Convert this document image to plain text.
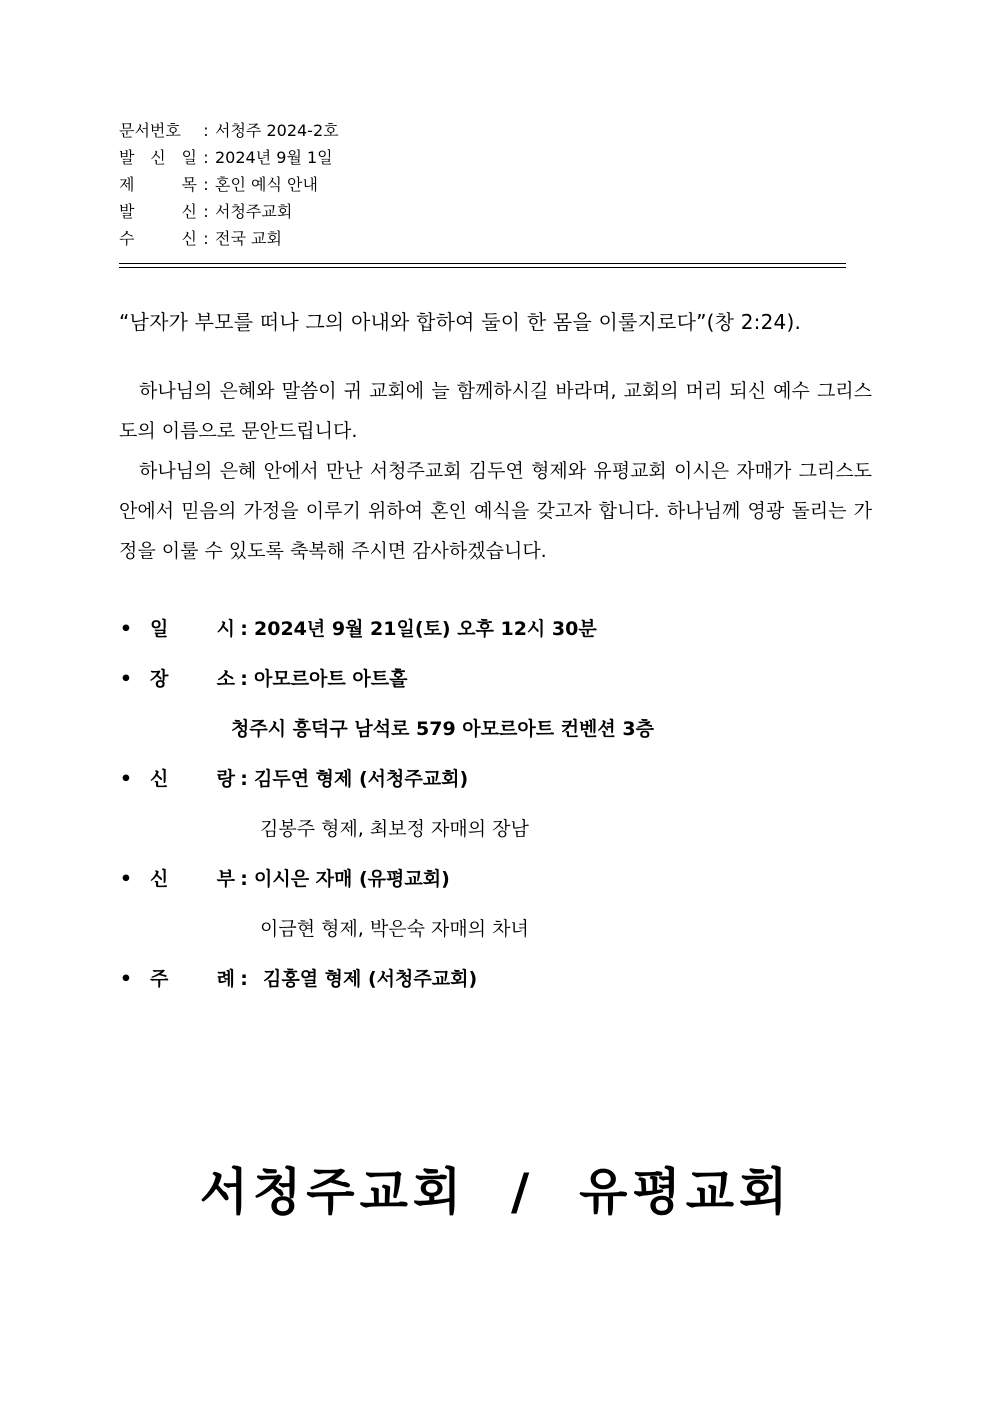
문서번호	: 서청주 2024-2호
발 신 일 : 2024년 9월 1일
제	목 : 혼인 예식 안내
발	신 : 서청주교회
수	신 : 전국 교회
“남자가 부모를 떠나 그의 아내와 합하여 둘이 한 몸을 이룰지로다”(창 2:24).

하나님의 은혜와 말씀이 귀 교회에 늘 함께하시길 바라며, 교회의 머리 되신 예수 그리스도의 이름으로 문안드립니다.

하나님의 은혜 안에서 만난 서청주교회 김두연 형제와 유평교회 이시은 자매가 그리스도 안에서 믿음의 가정을 이루기 위하여 혼인 예식을 갖고자 합니다. 하나님께 영광 돌리는 가정을 이룰 수 있도록 축복해 주시면 감사하겠습니다.

• 일	시 : 2024년 9월 21일(토) 오후 12시 30분
• 장	소 : 아모르아트 아트홀
청주시 흥덕구 남석로 579 아모르아트 컨벤션 3층
• 신	랑 : 김두연 형제 (서청주교회)
김봉주 형제, 최보정 자매의 장남
• 신	부 : 이시은 자매 (유평교회)
이금현 형제, 박은숙 자매의 차녀
• 주	례 : 김홍열 형제 (서청주교회)
서청주교회  /  유평교회
